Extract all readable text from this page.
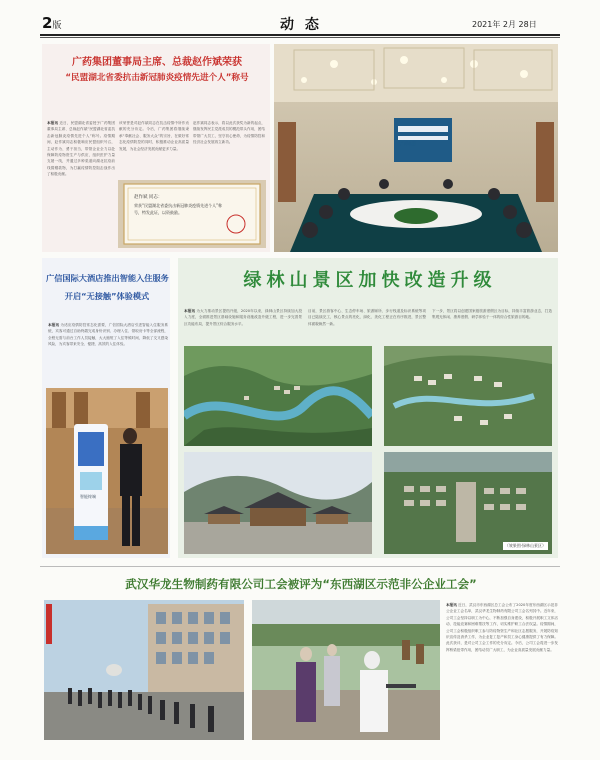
2版	动 态	2021年 2月 28日
广药集团董事局主席、总裁赵作斌荣获
“民盟湖北省委抗击新冠肺炎疫情先进个人”称号
本报讯 近日，民盟湖北省委授予广药集团董事局主席、总裁赵作斌“民盟湖北省委抗击新冠肺炎疫情先进个人”称号。疫情期间，赵作斌同志积极响应民盟组织号召，主动作为、勇于担当，带领企业全力以赴保障防疫物资生产与供应，组织医护力量支援一线，并通过多种渠道向湖北抗疫前线捐赠款物，为打赢疫情防控阻击战作出了积极贡献。
该荣誉是对赵作斌同志在抗击疫情中所作贡献的充分肯定。今后，广药集团将继续秉承“奉献社会、服务大众”的宗旨，在做好常态化疫情防控的同时，积极推动企业高质量发展，为社会经济发展贡献更多力量。
赵作斌同志表示，将以此次获奖为新的起点，继续发挥民主党派成员的模范带头作用，团结带领广大员工，坚守初心使命，为疫情防控和经济社会发展再立新功。
赵作斌 同志：
荣获“民盟湖北省委抗击新冠肺炎疫情先进个人”称号，特发此证，以资鼓励。
广药集团
广信国际大酒店推出智能入住服务
开启“无接触”体验模式
本报讯 为适应疫情防控常态化需要，广信国际大酒店引进智能入住服务系统，宾客可通过自助终端完成身份识别、办理入住、领取房卡等全部流程，全程无需与前台工作人员接触，大大缩短了入住等候时间，降低了交叉感染风险，为宾客带来安全、便捷、高效的入住体验。
智能终端
绿林山景区加快改造升级
本报讯 为大力推动景区提档升级，2020年以来，绿林山景区持续加大投入力度，全面推进景区基础设施和服务设施改造升级工程，进一步完善景区功能布局，提升景区综合服务水平。
目前，景区游客中心、生态停车场、旅游厕所、步行栈道及标识系统等项目已陆续完工，核心景点的亮化、绿化、美化工程正在有序推进，景区整体面貌焕然一新。
下一步，景区将以创建国家级旅游度假区为目标，持续丰富旅游业态，打造集观光休闲、康养度假、研学体验于一体的综合性旅游目的地。
（效果图·绿林山景区）
武汉华龙生物制药有限公司工会被评为“东西湖区示范非公企业工会”
本报讯 近日，武汉市东西湖区总工会公布了2020年度东西湖区示范非公企业工会名单，武汉华龙生物制药有限公司工会名列其中。近年来，公司工会坚持以职工为中心，不断加强自身建设，积极开展职工文体活动、技能竞赛和困难帮扶等工作，切实维护职工合法权益。疫情期间，公司工会积极组织职工参与防疫物资生产和社区志愿服务，开展防疫知识宣传及消杀工作，为企业复工复产和员工身心健康提供了有力保障。此次获评，是对公司工会工作的充分肯定。今后，公司工会将进一步发挥桥梁纽带作用，团结动员广大职工，为企业高质量发展贡献力量。
